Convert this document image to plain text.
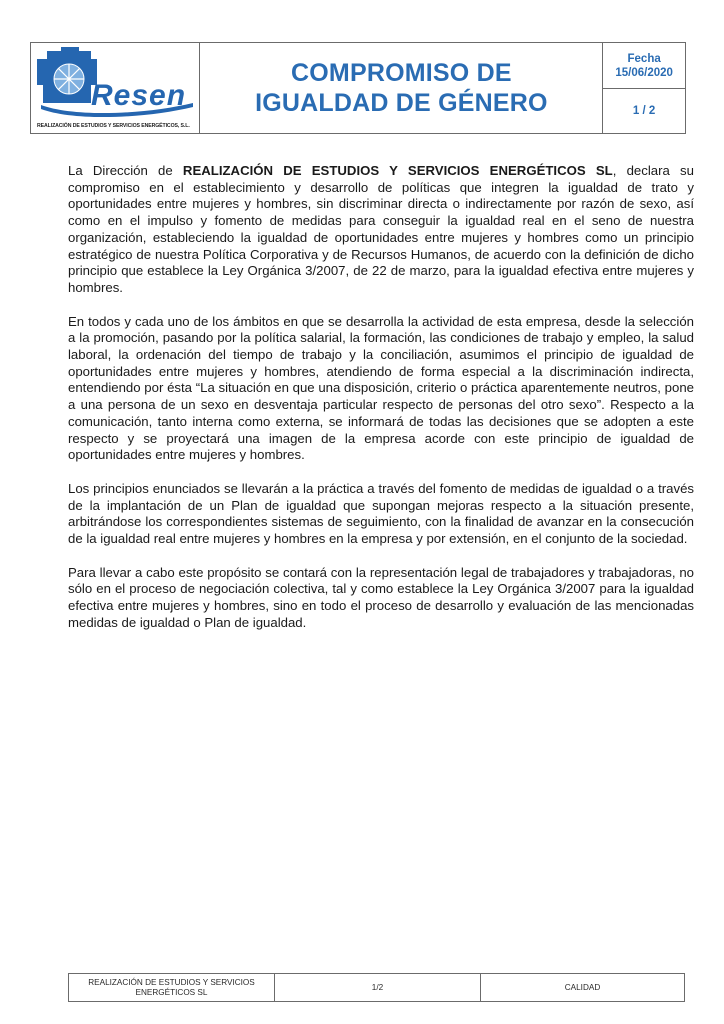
Resen
REALIZACIÓN DE ESTUDIOS Y SERVICIOS ENERGÉTICOS, S.L.
COMPROMISO DE
IGUALDAD DE GÉNERO
Fecha
15/06/2020
1 / 2

La Dirección de REALIZACIÓN DE ESTUDIOS Y SERVICIOS ENERGÉTICOS SL, declara su compromiso en el establecimiento y desarrollo de políticas que integren la igualdad de trato y oportunidades entre mujeres y hombres, sin discriminar directa o indirectamente por razón de sexo, así como en el impulso y fomento de medidas para conseguir la igualdad real en el seno de nuestra organización, estableciendo la igualdad de oportunidades entre mujeres y hombres como un principio estratégico de nuestra Política Corporativa y de Recursos Humanos, de acuerdo con la definición de dicho principio que establece la Ley Orgánica 3/2007, de 22 de marzo, para la igualdad efectiva entre mujeres y hombres.

En todos y cada uno de los ámbitos en que se desarrolla la actividad de esta empresa, desde la selección a la promoción, pasando por la política salarial, la formación, las condiciones de trabajo y empleo, la salud laboral, la ordenación del tiempo de trabajo y la conciliación, asumimos el principio de igualdad de oportunidades entre mujeres y hombres, atendiendo de forma especial a la discriminación indirecta, entendiendo por ésta “La situación en que una disposición, criterio o práctica aparentemente neutros, pone a una persona de un sexo en desventaja particular respecto de personas del otro sexo”. Respecto a la comunicación, tanto interna como externa, se informará de todas las decisiones que se adopten a este respecto y se proyectará una imagen de la empresa acorde con este principio de igualdad de oportunidades entre mujeres y hombres.

Los principios enunciados se llevarán a la práctica a través del fomento de medidas de igualdad o a través de la implantación de un Plan de igualdad que supongan mejoras respecto a la situación presente, arbitrándose los correspondientes sistemas de seguimiento, con la finalidad de avanzar en la consecución de la igualdad real entre mujeres y hombres en la empresa y por extensión, en el conjunto de la sociedad.

Para llevar a cabo este propósito se contará con la representación legal de trabajadores y trabajadoras, no sólo en el proceso de negociación colectiva, tal y como establece la Ley Orgánica 3/2007 para la igualdad efectiva entre mujeres y hombres, sino en todo el proceso de desarrollo y evaluación de las mencionadas medidas de igualdad o Plan de igualdad.

REALIZACIÓN DE ESTUDIOS Y SERVICIOS
ENERGÉTICOS SL
1/2	CALIDAD
